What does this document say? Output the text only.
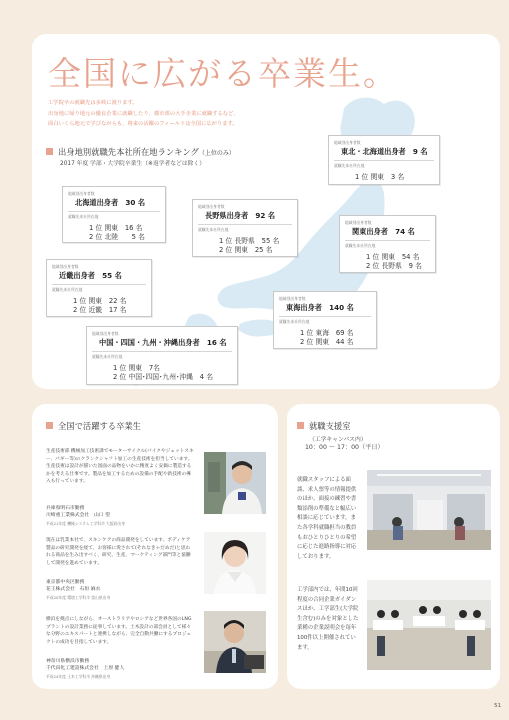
全国に広がる卒業生。
工学院卒の就職先は多岐に渡ります。
出身地に帰り地元の優良企業に就職したり、都市部の大手企業に就職するなど、
面白いくら地元で学びながらも、将来の活躍のフィールドは全国に広がります。
出身地別就職先本社所在地ランキング（上位のみ）
2017 年度 学部・大学院卒業生（※返学者などは除く）
地域別出身者数
北海道出身者　30 名
就職先本社所在地
1 位 関東　16 名
2 位 北陸　　5 名
地域別出身者数
東北・北海道出身者　9 名
就職先本社所在地
1 位 関東　3 名
地域別出身者数
長野県出身者　92 名
就職先本社所在地
1 位 長野県　55 名
2 位 関東　25 名
地域別出身者数
関東出身者　74 名
就職先本社所在地
1 位 関東　54 名
2 位 長野県　9 名
地域別出身者数
近畿出身者　55 名
就職先本社所在地
1 位 関東　22 名
2 位 近畿　17 名
地域別出身者数
東海出身者　140 名
就職先本社所在地
1 位 東海　69 名
2 位 関東　44 名
地域別出身者数
中国・四国・九州・沖縄出身者　16 名
就職先本社所在地
1 位 関東　7名
2 位 中国･四国･九州･沖縄　4 名
全国で活躍する卒業生
生産技術部 機械加工技術課でモーターサイクル(バイクやジェットスキー、バギー等)のクランクシャフト加工の生産技術を担当しています。生産技術は設計が描いた図面の品物をいかに精度よく安価に製造するかを考える仕事です。製品を加工するための設備の手配や新技術の導入も行っています。
兵庫県明石市勤務
川崎重工業株式会社　山口 望
平成21年度 機械システム工学科卒 大阪府出身
現在は乳業本社で、スキンケアの商品開発をしています。ポディケア製品の研究開発を経て、お客様に愛されて(それなきゃだめだ)と思われる商品を生み出すべく、研究、生産、マーケティング部門等と協働して開発を進めています。
東京都中央区勤務
花王株式会社　石垣 麻衣
平成20年度 環境工学科卒 富山県出身
横浜を拠点にしながら、オーストラリアやロシアなど世界各国のLNGプラントの設計業務に従事しています。土木設計の部会員として様々な分野のエキスパートと連携しながら、完全自動共働にするプロジェクトの成功を目指しています。
神奈川県横浜市勤務
千代田化工建設株式会社　上原 健人
平成24年度 土木工学科卒 沖縄県出身
就職支援室
（工学キャンパス内）
10：00 ～ 17：00（平日）
就職スタッフによる面談、求人票等の情報提供のほか、面接の練習や書類添削の準備なと幅広い相談に応じています。また各学科就職担当の教員もおひとりひとりの希望に応じた進路指導に対応しております。
工学部内では、年間10回程度の合同企業ガイダンスほか、工学部生(大学院生含む)のみを対象とした業種の企業説明会を毎年100件以上開催されています。
51
